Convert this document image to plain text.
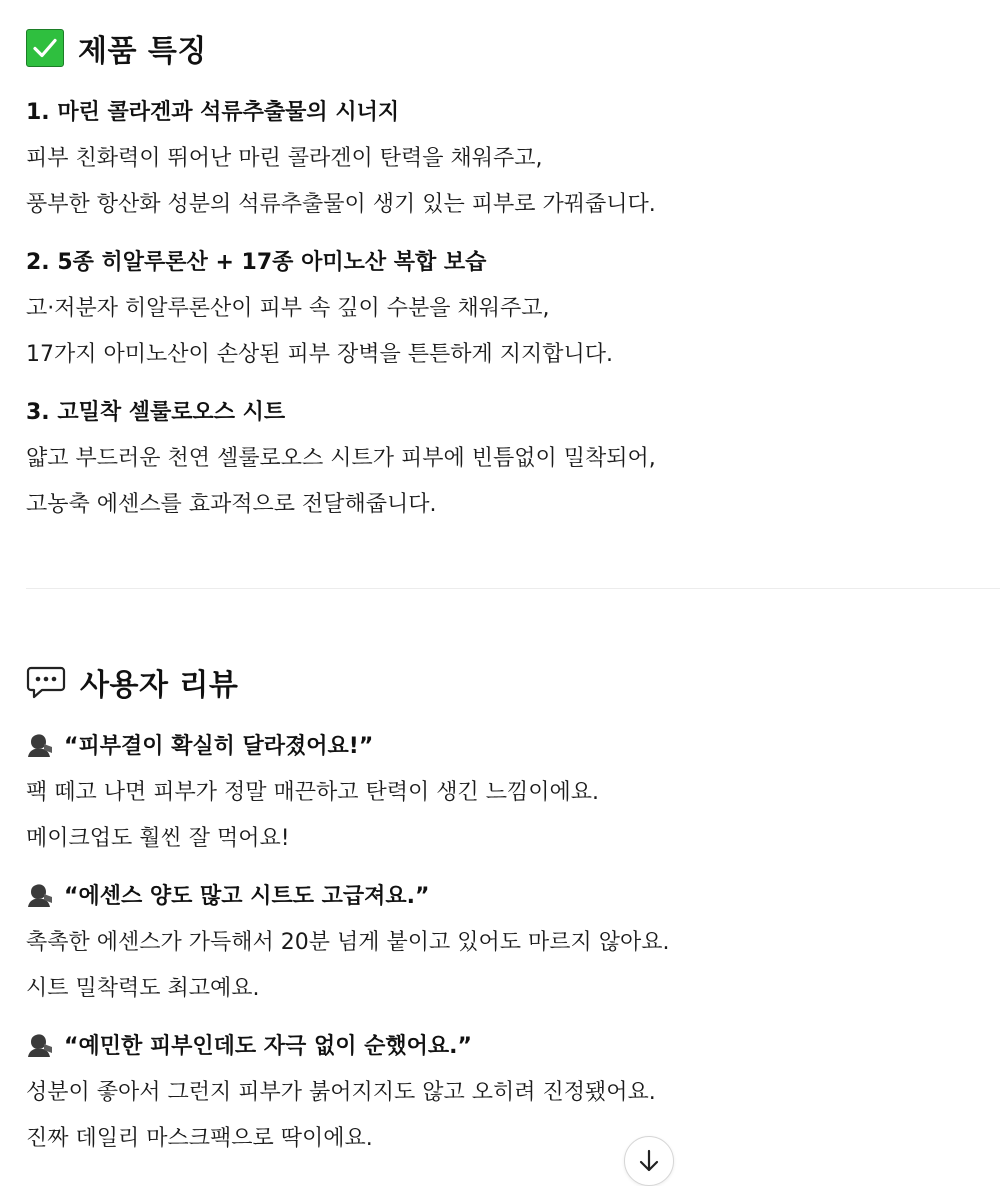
제품 특징
1. 마린 콜라겐과 석류추출물의 시너지
피부 친화력이 뛰어난 마린 콜라겐이 탄력을 채워주고,
풍부한 항산화 성분의 석류추출물이 생기 있는 피부로 가꿔줍니다.
2. 5종 히알루론산 + 17종 아미노산 복합 보습
고·저분자 히알루론산이 피부 속 깊이 수분을 채워주고,
17가지 아미노산이 손상된 피부 장벽을 튼튼하게 지지합니다.
3. 고밀착 셀룰로오스 시트
얇고 부드러운 천연 셀룰로오스 시트가 피부에 빈틈없이 밀착되어,
고농축 에센스를 효과적으로 전달해줍니다.
사용자 리뷰
“피부결이 확실히 달라졌어요!”
팩 떼고 나면 피부가 정말 매끈하고 탄력이 생긴 느낌이에요.
메이크업도 훨씬 잘 먹어요!
“에센스 양도 많고 시트도 고급져요.”
촉촉한 에센스가 가득해서 20분 넘게 붙이고 있어도 마르지 않아요.
시트 밀착력도 최고예요.
“예민한 피부인데도 자극 없이 순했어요.”
성분이 좋아서 그런지 피부가 붉어지지도 않고 오히려 진정됐어요.
진짜 데일리 마스크팩으로 딱이에요.
